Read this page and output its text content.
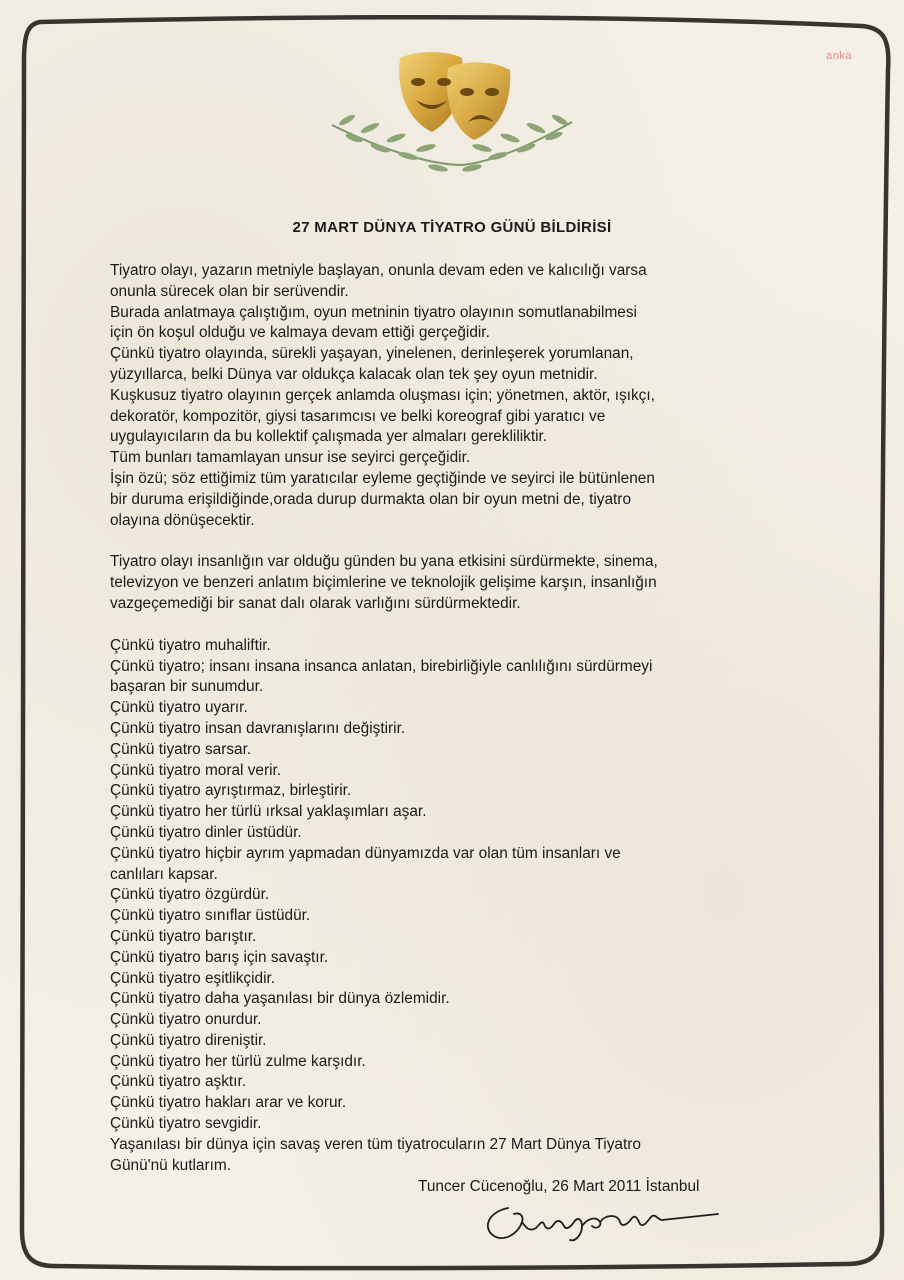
anka
27 MART DÜNYA TİYATRO GÜNÜ BİLDİRİSİ
Tiyatro olayı, yazarın metniyle başlayan, onunla devam eden ve kalıcılığı varsa
onunla sürecek olan bir serüvendir.
Burada anlatmaya çalıştığım, oyun metninin tiyatro olayının somutlanabilmesi
için ön koşul olduğu ve kalmaya devam ettiği gerçeğidir.
Çünkü tiyatro olayında, sürekli yaşayan, yinelenen, derinleşerek yorumlanan,
yüzyıllarca, belki Dünya var oldukça kalacak olan tek şey oyun metnidir.
Kuşkusuz tiyatro olayının gerçek anlamda oluşması için; yönetmen, aktör, ışıkçı,
dekoratör, kompozitör, giysi tasarımcısı ve belki koreograf gibi yaratıcı ve
uygulayıcıların da bu kollektif çalışmada yer almaları gerekliliktir.
Tüm bunları tamamlayan unsur ise seyirci gerçeğidir.
İşin özü; söz ettiğimiz tüm yaratıcılar eyleme geçtiğinde ve seyirci ile bütünlenen
bir duruma erişildiğinde,orada durup durmakta olan bir oyun metni de, tiyatro
olayına dönüşecektir.
Tiyatro olayı insanlığın var olduğu günden bu yana etkisini sürdürmekte, sinema,
televizyon ve benzeri anlatım biçimlerine ve teknolojik gelişime karşın, insanlığın
vazgeçemediği bir sanat dalı olarak varlığını sürdürmektedir.
Çünkü tiyatro muhaliftir.
Çünkü tiyatro; insanı insana insanca anlatan, birebirliğiyle canlılığını sürdürmeyi
başaran bir sunumdur.
Çünkü tiyatro uyarır.
Çünkü tiyatro insan davranışlarını değiştirir.
Çünkü tiyatro sarsar.
Çünkü tiyatro moral verir.
Çünkü tiyatro ayrıştırmaz, birleştirir.
Çünkü tiyatro her türlü ırksal yaklaşımları aşar.
Çünkü tiyatro dinler üstüdür.
Çünkü tiyatro hiçbir ayrım yapmadan dünyamızda var olan tüm insanları ve
canlıları kapsar.
Çünkü tiyatro özgürdür.
Çünkü tiyatro sınıflar üstüdür.
Çünkü tiyatro barıştır.
Çünkü tiyatro barış için savaştır.
Çünkü tiyatro eşitlikçidir.
Çünkü tiyatro daha yaşanılası bir dünya özlemidir.
Çünkü tiyatro onurdur.
Çünkü tiyatro direniştir.
Çünkü tiyatro her türlü zulme karşıdır.
Çünkü tiyatro aşktır.
Çünkü tiyatro hakları arar ve korur.
Çünkü tiyatro sevgidir.
Yaşanılası bir dünya için savaş veren tüm tiyatrocuların 27 Mart Dünya Tiyatro
Günü'nü kutlarım.
Tuncer Cücenoğlu, 26 Mart 2011 İstanbul
